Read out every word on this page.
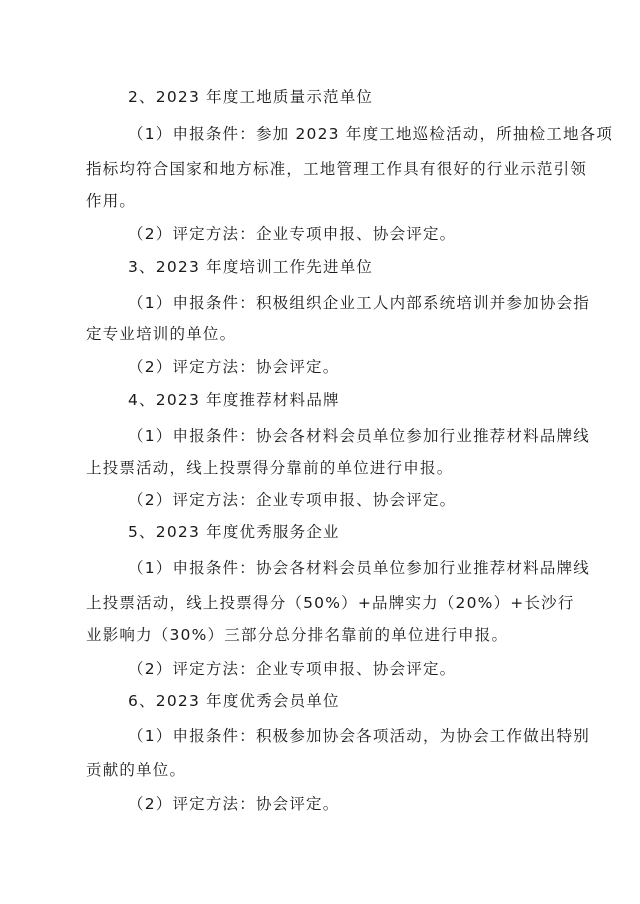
2、2023 年度工地质量示范单位
（1）申报条件：参加 2023 年度工地巡检活动，所抽检工地各项
指标均符合国家和地方标准，工地管理工作具有很好的行业示范引领
作用。
（2）评定方法：企业专项申报、协会评定。
3、2023 年度培训工作先进单位
（1）申报条件：积极组织企业工人内部系统培训并参加协会指
定专业培训的单位。
（2）评定方法：协会评定。
4、2023 年度推荐材料品牌
（1）申报条件：协会各材料会员单位参加行业推荐材料品牌线
上投票活动，线上投票得分靠前的单位进行申报。
（2）评定方法：企业专项申报、协会评定。
5、2023 年度优秀服务企业
（1）申报条件：协会各材料会员单位参加行业推荐材料品牌线
上投票活动，线上投票得分（50%）+品牌实力（20%）+长沙行
业影响力（30%）三部分总分排名靠前的单位进行申报。
（2）评定方法：企业专项申报、协会评定。
6、2023 年度优秀会员单位
（1）申报条件：积极参加协会各项活动，为协会工作做出特别
贡献的单位。
（2）评定方法：协会评定。
